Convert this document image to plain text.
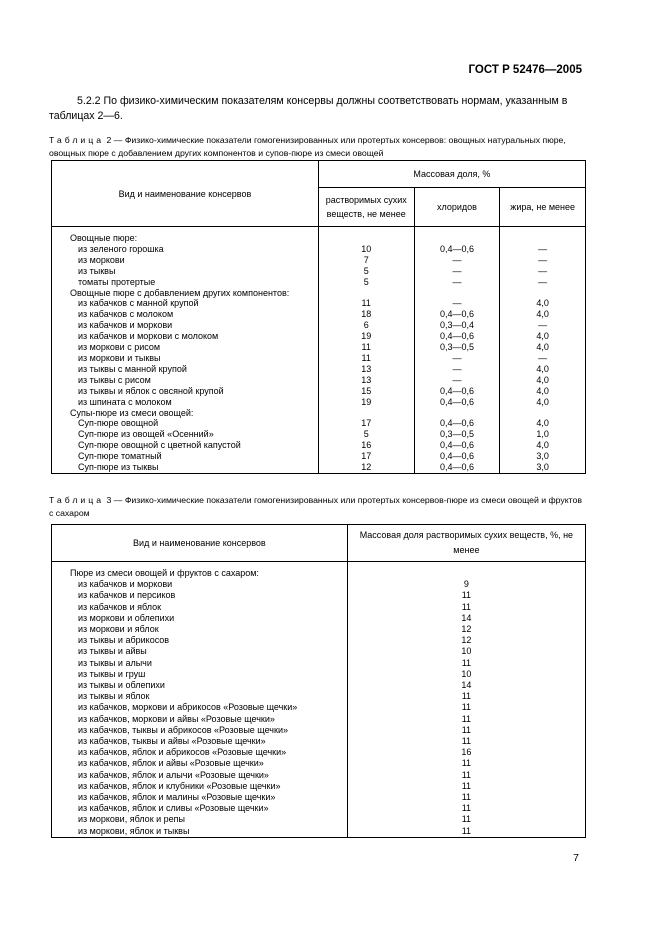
ГОСТ Р 52476—2005
5.2.2 По физико-химическим показателям консервы должны соответствовать нормам, указанным в таблицах 2—6.
Таблица 2 — Физико-химические показатели гомогенизированных или протертых консервов: овощных натуральных пюре, овощных пюре с добавлением других компонентов и супов-пюре из смеси овощей
Вид и наименование консервов	Массовая доля, %		
	растворимых сухих веществ, не менее	хлоридов	жира, не менее

Овощные пюре:			
из зеленого горошка	10	0,4—0,6	—
из моркови	7	—	—
из тыквы	5	—	—
томаты протертые	5	—	—
Овощные пюре с добавлением других компонентов:			
из кабачков с манной крупой	11	—	4,0
из кабачков с молоком	18	0,4—0,6	4,0
из кабачков и моркови	6	0,3—0,4	—
из кабачков и моркови с молоком	19	0,4—0,6	4,0
из моркови с рисом	11	0,3—0,5	4,0
из моркови и тыквы	11	—	—
из тыквы с манной крупой	13	—	4,0
из тыквы с рисом	13	—	4,0
из тыквы и яблок с овсяной крупой	15	0,4—0,6	4,0
из шпината с молоком	19	0,4—0,6	4,0
Супы-пюре из смеси овощей:			
Суп-пюре овощной	17	0,4—0,6	4,0
Суп-пюре из овощей «Осенний»	5	0,3—0,5	1,0
Суп-пюре овощной с цветной капустой	16	0,4—0,6	4,0
Суп-пюре томатный	17	0,4—0,6	3,0
Суп-пюре из тыквы	12	0,4—0,6	3,0
Таблица 3 — Физико-химические показатели гомогенизированных или протертых консервов-пюре из смеси овощей и фруктов с сахаром
Вид и наименование консервов	Массовая доля растворимых сухих веществ, %, не менее

Пюре из смеси овощей и фруктов с сахаром:	
из кабачков и моркови	9
из кабачков и персиков	11
из кабачков и яблок	11
из моркови и облепихи	14
из моркови и яблок	12
из тыквы и абрикосов	12
из тыквы и айвы	10
из тыквы и алычи	11
из тыквы и груш	10
из тыквы и облепихи	14
из тыквы и яблок	11
из кабачков, моркови и абрикосов «Розовые щечки»	11
из кабачков, моркови и айвы «Розовые щечки»	11
из кабачков, тыквы и абрикосов «Розовые щечки»	11
из кабачков, тыквы и айвы «Розовые щечки»	11
из кабачков, яблок и абрикосов «Розовые щечки»	16
из кабачков, яблок и айвы «Розовые щечки»	11
из кабачков, яблок и алычи «Розовые щечки»	11
из кабачков, яблок и клубники «Розовые щечки»	11
из кабачков, яблок и малины «Розовые щечки»	11
из кабачков, яблок и сливы «Розовые щечки»	11
из моркови, яблок и репы	11
из моркови, яблок и тыквы	11
7
